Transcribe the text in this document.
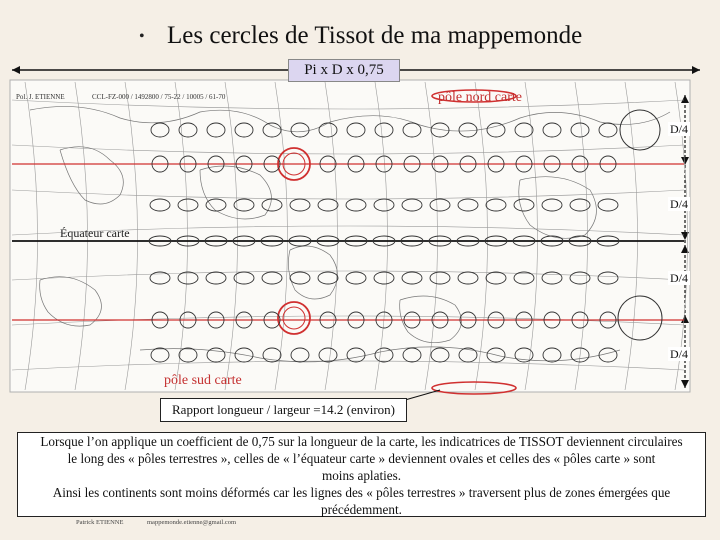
• Les cercles de Tissot de ma mappemonde
Pi x D x 0,75
Pol. J. ETIENNE	CCL-FZ-000 / 1492800 / 75-22 / 10005 / 61-70	pôle nord carte
pôle sud carte
Équateur carte
D/4
D/4
D/4
D/4
Rapport longueur / largeur =14.2 (environ)
Lorsque l’on applique un coefficient de 0,75 sur la longueur de la carte, les indicatrices de TISSOT deviennent circulaires
le long des « pôles terrestres », celles de « l’équateur carte » deviennent ovales et celles des « pôles carte » sont moins aplaties.
Ainsi les continents sont moins déformés car les lignes des « pôles terrestres » traversent plus de zones émergées que précédemment.
Patrick ETIENNE	mappemonde.etienne@gmail.com
